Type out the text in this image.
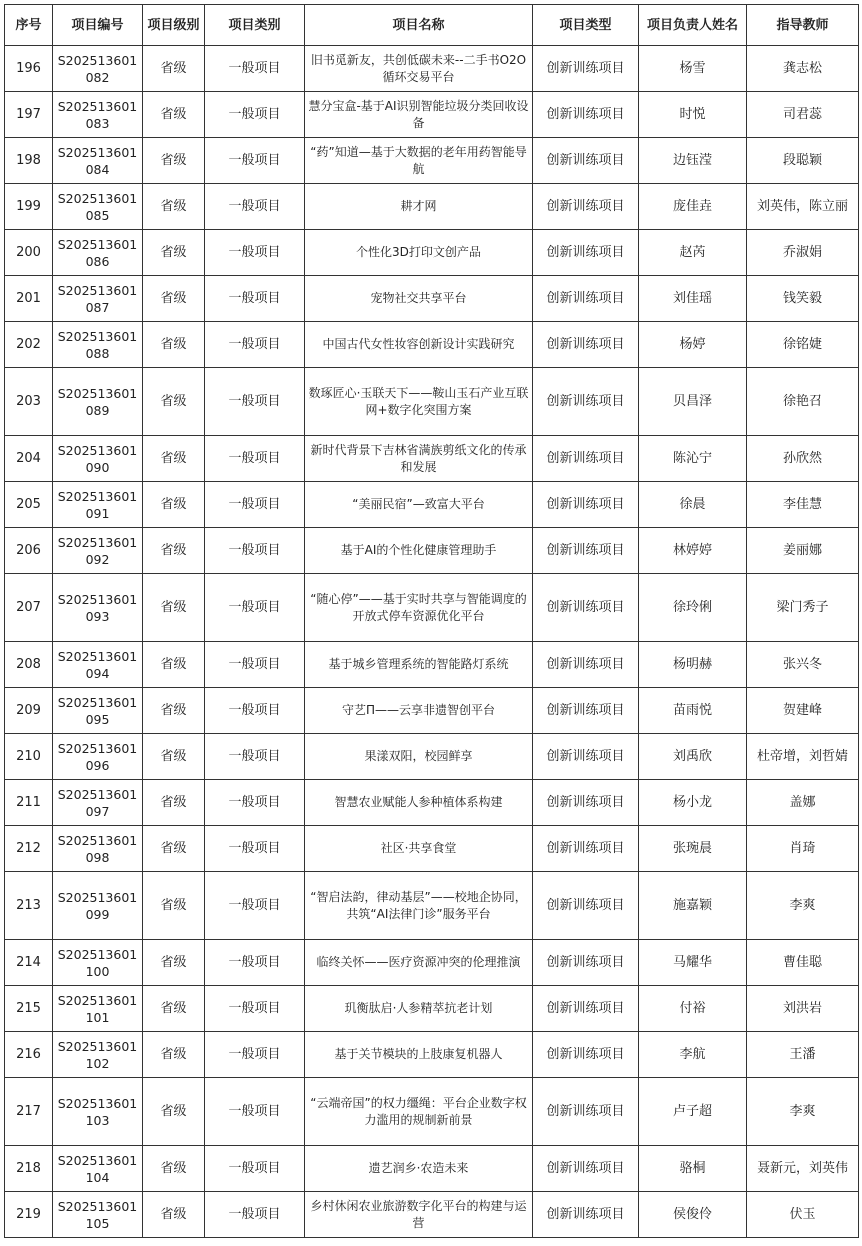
序号	项目编号	项目级别	项目类别	项目名称	项目类型	项目负责人姓名	指导教师
196	S202513601082	省级	一般项目	旧书觅新友，共创低碳未来--二手书O2O循环交易平台	创新训练项目	杨雪	龚志松
197	S202513601083	省级	一般项目	慧分宝盒-基于AI识别智能垃圾分类回收设备	创新训练项目	时悦	司君蕊
198	S202513601084	省级	一般项目	“药”知道—基于大数据的老年用药智能导航	创新训练项目	边钰滢	段聪颖
199	S202513601085	省级	一般项目	耕才网	创新训练项目	庞佳垚	刘英伟，陈立丽
200	S202513601086	省级	一般项目	个性化3D打印文创产品	创新训练项目	赵芮	乔淑娟
201	S202513601087	省级	一般项目	宠物社交共享平台	创新训练项目	刘佳瑶	钱笑毅
202	S202513601088	省级	一般项目	中国古代女性妆容创新设计实践研究	创新训练项目	杨婷	徐铭婕
203	S202513601089	省级	一般项目	数琢匠心·玉联天下——鞍山玉石产业互联网+数字化突围方案	创新训练项目	贝昌泽	徐艳召
204	S202513601090	省级	一般项目	新时代背景下吉林省满族剪纸文化的传承和发展	创新训练项目	陈沁宁	孙欣然
205	S202513601091	省级	一般项目	“美丽民宿”—致富大平台	创新训练项目	徐晨	李佳慧
206	S202513601092	省级	一般项目	基于AI的个性化健康管理助手	创新训练项目	林婷婷	姜丽娜
207	S202513601093	省级	一般项目	“随心停”——基于实时共享与智能调度的开放式停车资源优化平台	创新训练项目	徐玲俐	梁门秀子
208	S202513601094	省级	一般项目	基于城乡管理系统的智能路灯系统	创新训练项目	杨明赫	张兴冬
209	S202513601095	省级	一般项目	守艺Π——云享非遗智创平台	创新训练项目	苗雨悦	贺建峰
210	S202513601096	省级	一般项目	果漾双阳，校园鲜享	创新训练项目	刘禹欣	杜帝增，刘哲婧
211	S202513601097	省级	一般项目	智慧农业赋能人参种植体系构建	创新训练项目	杨小龙	盖娜
212	S202513601098	省级	一般项目	社区·共享食堂	创新训练项目	张琬晨	肖琦
213	S202513601099	省级	一般项目	“智启法韵，律动基层”——校地企协同，共筑“AI法律门诊”服务平台	创新训练项目	施嘉颖	李爽
214	S202513601100	省级	一般项目	临终关怀——医疗资源冲突的伦理推演	创新训练项目	马耀华	曹佳聪
215	S202513601101	省级	一般项目	玑衡肽启·人参精萃抗老计划	创新训练项目	付裕	刘洪岩
216	S202513601102	省级	一般项目	基于关节模块的上肢康复机器人	创新训练项目	李航	王潘
217	S202513601103	省级	一般项目	“云端帝国”的权力缰绳：平台企业数字权力滥用的规制新前景	创新训练项目	卢子超	李爽
218	S202513601104	省级	一般项目	遗艺润乡·农造未来	创新训练项目	骆桐	聂新元，刘英伟
219	S202513601105	省级	一般项目	乡村休闲农业旅游数字化平台的构建与运营	创新训练项目	侯俊伶	伏玉
